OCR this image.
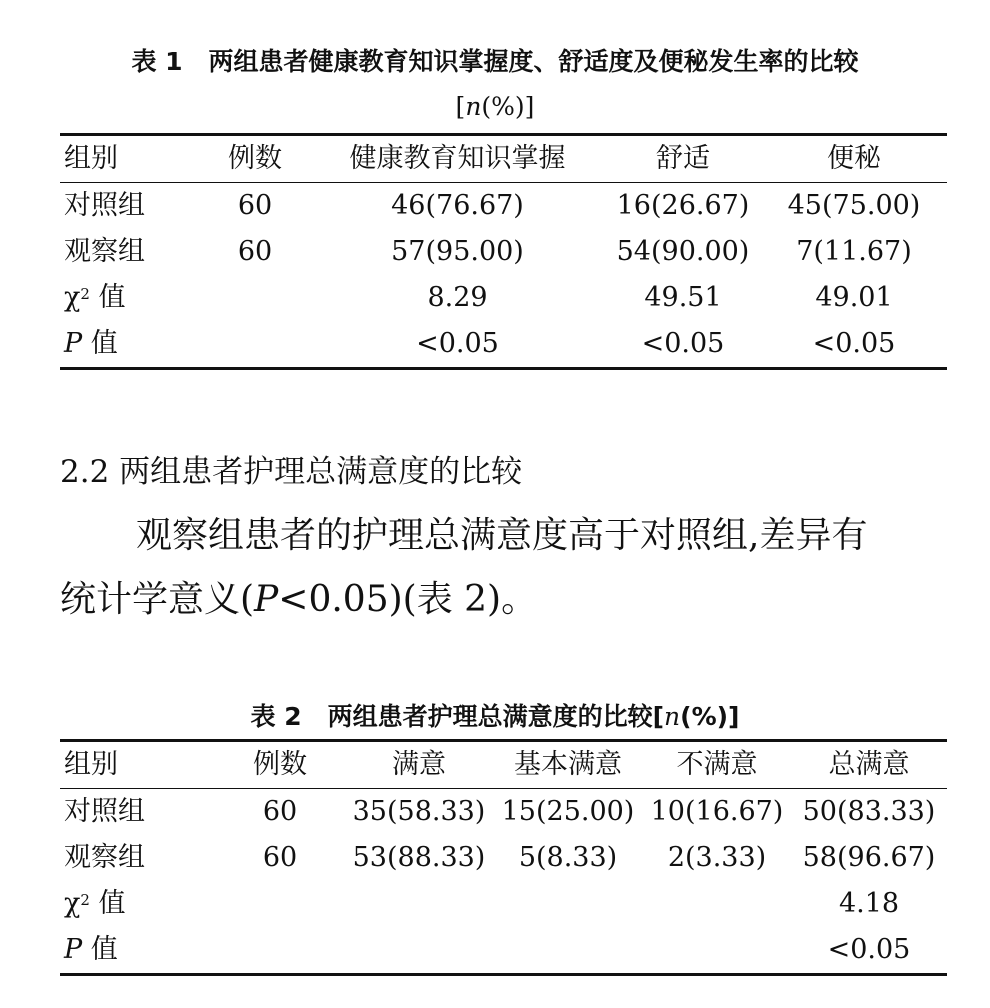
表 1 两组患者健康教育知识掌握度、舒适度及便秘发生率的比较
[n(%)]
组别	例数	健康教育知识掌握	舒适	便秘
对照组	60	46(76.67)	16(26.67)	45(75.00)
观察组	60	57(95.00)	54(90.00)	7(11.67)
$\chi^2$ 值		8.29	49.51	49.01
P 值		<0.05	<0.05	<0.05
2.2 两组患者护理总满意度的比较
观察组患者的护理总满意度高于对照组,差异有
统计学意义(P<0.05)(表 2)。
表 2 两组患者护理总满意度的比较[n(%)]
组别	例数	满意	基本满意	不满意	总满意
对照组	60	35(58.33)	15(25.00)	10(16.67)	50(83.33)
观察组	60	53(88.33)	5(8.33)	2(3.33)	58(96.67)
$\chi^2$ 值					4.18
P 值					<0.05
